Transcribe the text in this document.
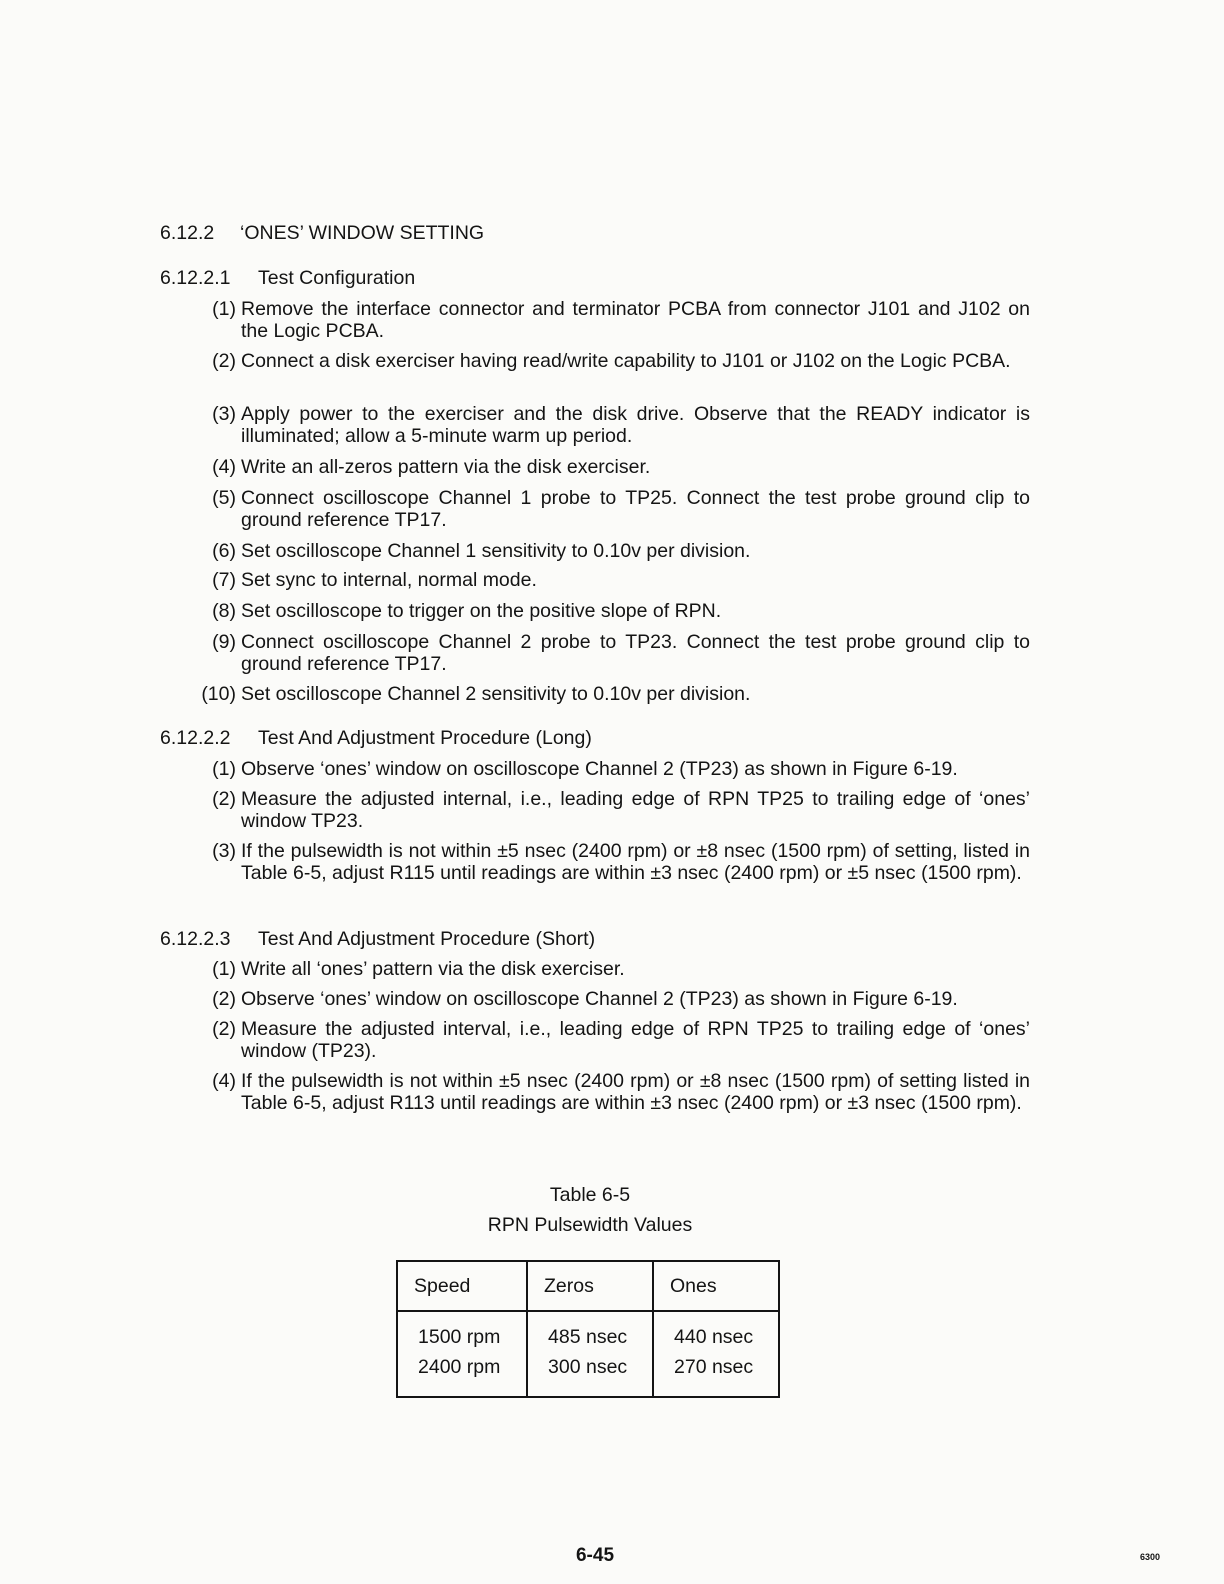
6.12.2 ‘ONES’ WINDOW SETTING
6.12.2.1 Test Configuration
(1) Remove the interface connector and terminator PCBA from connector J101 and J102 on the Logic PCBA.
(2) Connect a disk exerciser having read/write capability to J101 or J102 on the Logic PCBA.
(3) Apply power to the exerciser and the disk drive. Observe that the READY indicator is illuminated; allow a 5-minute warm up period.
(4) Write an all-zeros pattern via the disk exerciser.
(5) Connect oscilloscope Channel 1 probe to TP25. Connect the test probe ground clip to ground reference TP17.
(6) Set oscilloscope Channel 1 sensitivity to 0.10v per division.
(7) Set sync to internal, normal mode.
(8) Set oscilloscope to trigger on the positive slope of RPN.
(9) Connect oscilloscope Channel 2 probe to TP23. Connect the test probe ground clip to ground reference TP17.
(10) Set oscilloscope Channel 2 sensitivity to 0.10v per division.
6.12.2.2 Test And Adjustment Procedure (Long)
(1) Observe ‘ones’ window on oscilloscope Channel 2 (TP23) as shown in Figure 6-19.
(2) Measure the adjusted internal, i.e., leading edge of RPN TP25 to trailing edge of ‘ones’ window TP23.
(3) If the pulsewidth is not within ±5 nsec (2400 rpm) or ±8 nsec (1500 rpm) of setting, listed in Table 6-5, adjust R115 until readings are within ±3 nsec (2400 rpm) or ±5 nsec (1500 rpm).
6.12.2.3 Test And Adjustment Procedure (Short)
(1) Write all ‘ones’ pattern via the disk exerciser.
(2) Observe ‘ones’ window on oscilloscope Channel 2 (TP23) as shown in Figure 6-19.
(2) Measure the adjusted interval, i.e., leading edge of RPN TP25 to trailing edge of ‘ones’ window (TP23).
(4) If the pulsewidth is not within ±5 nsec (2400 rpm) or ±8 nsec (1500 rpm) of setting listed in Table 6-5, adjust R113 until readings are within ±3 nsec (2400 rpm) or ±3 nsec (1500 rpm).
Table 6-5
RPN Pulsewidth Values
Speed	Zeros	Ones
1500 rpm	485 nsec	440 nsec
2400 rpm	300 nsec	270 nsec
6-45	6300
